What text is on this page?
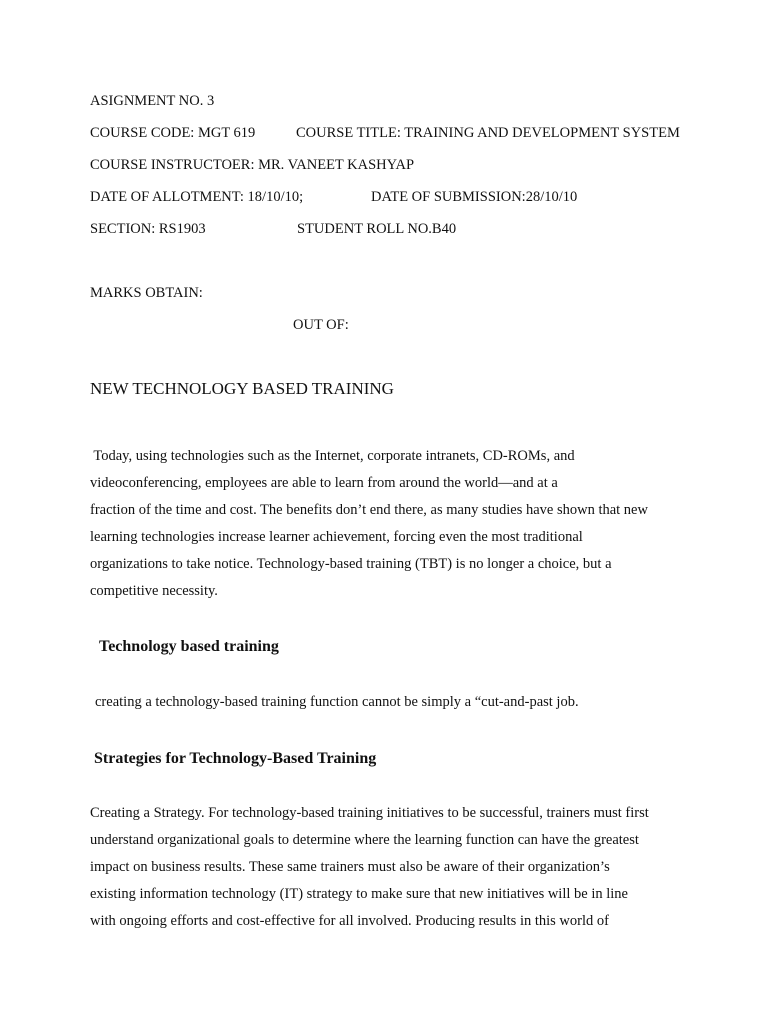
ASIGNMENT NO. 3
COURSE CODE: MGT 619	COURSE TITLE: TRAINING AND DEVELOPMENT SYSTEM
COURSE INSTRUCTOER: MR. VANEET KASHYAP
DATE OF ALLOTMENT: 18/10/10;	DATE OF SUBMISSION:28/10/10
SECTION: RS1903	STUDENT ROLL NO.B40
MARKS OBTAIN:
OUT OF:
NEW TECHNOLOGY BASED TRAINING
Today, using technologies such as the Internet, corporate intranets, CD-ROMs, and
videoconferencing, employees are able to learn from around the world—and at a
fraction of the time and cost. The benefits don’t end there, as many studies have shown that new
learning technologies increase learner achievement, forcing even the most traditional
organizations to take notice. Technology-based training (TBT) is no longer a choice, but a
competitive necessity.
Technology based training
creating a technology-based training function cannot be simply a “cut-and-past job.
Strategies for Technology-Based Training
Creating a Strategy. For technology-based training initiatives to be successful, trainers must first
understand organizational goals to determine where the learning function can have the greatest
impact on business results. These same trainers must also be aware of their organization’s
existing information technology (IT) strategy to make sure that new initiatives will be in line
with ongoing efforts and cost-effective for all involved. Producing results in this world of
